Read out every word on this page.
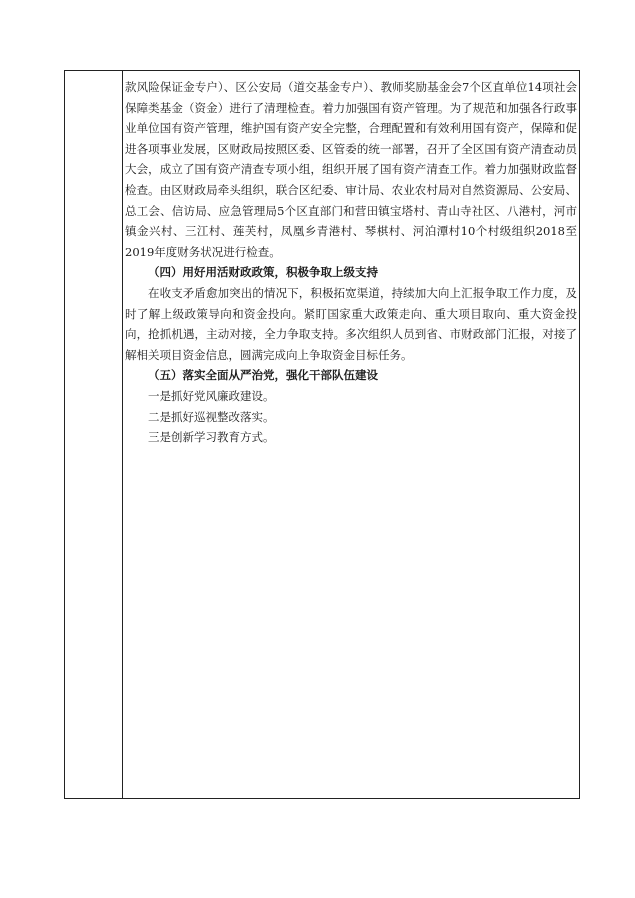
款风险保证金专户）、区公安局（道交基金专户）、教师奖励基金会7个区直单位14项社会保障类基金（资金）进行了清理检查。着力加强国有资产管理。为了规范和加强各行政事业单位国有资产管理，维护国有资产安全完整，合理配置和有效利用国有资产，保障和促进各项事业发展，区财政局按照区委、区管委的统一部署，召开了全区国有资产清查动员大会，成立了国有资产清查专项小组，组织开展了国有资产清查工作。着力加强财政监督检查。由区财政局牵头组织，联合区纪委、审计局、农业农村局对自然资源局、公安局、总工会、信访局、应急管理局5个区直部门和营田镇宝塔村、青山寺社区、八港村，河市镇金兴村、三江村、莲芙村，凤凰乡青港村、琴棋村、河泊潭村10个村级组织2018至2019年度财务状况进行检查。

（四）用好用活财政政策，积极争取上级支持

在收支矛盾愈加突出的情况下，积极拓宽渠道，持续加大向上汇报争取工作力度，及时了解上级政策导向和资金投向。紧盯国家重大政策走向、重大项目取向、重大资金投向，抢抓机遇，主动对接，全力争取支持。多次组织人员到省、市财政部门汇报，对接了解相关项目资金信息，圆满完成向上争取资金目标任务。

（五）落实全面从严治党，强化干部队伍建设

一是抓好党风廉政建设。

二是抓好巡视整改落实。

三是创新学习教育方式。
